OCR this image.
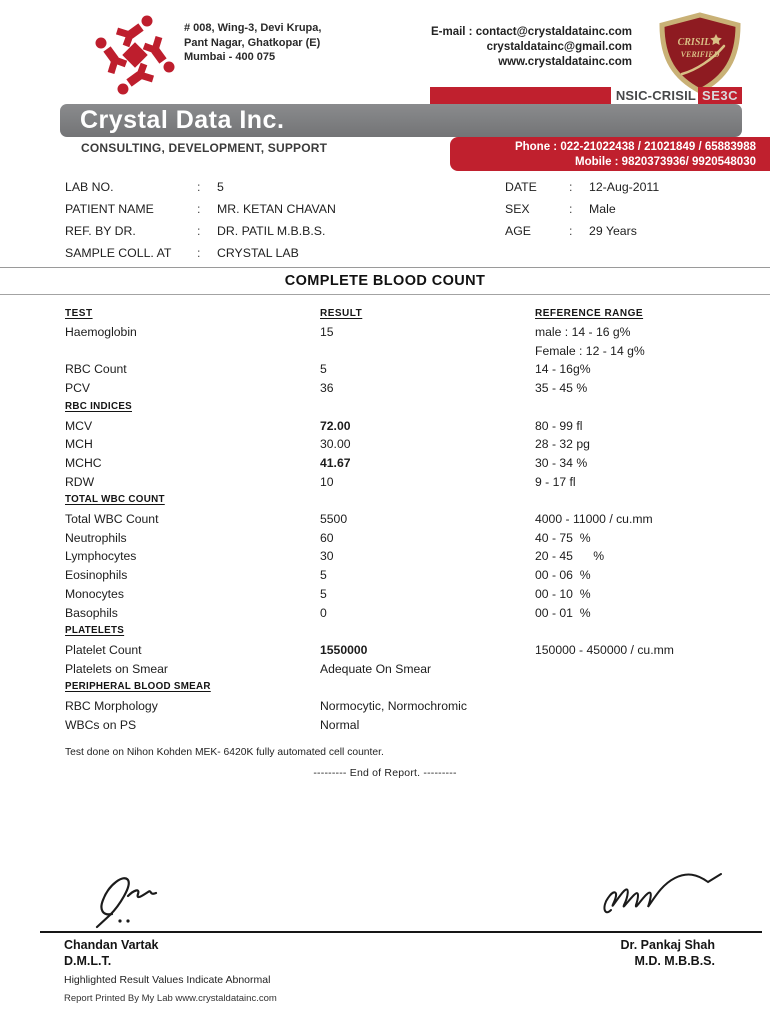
# 008, Wing-3, Devi Krupa,
Pant Nagar, Ghatkopar (E)
Mumbai - 400 075
E-mail : contact@crystaldatainc.com
crystaldatainc@gmail.com
www.crystaldatainc.com
CRISIL
VERIFIED
NSIC-CRISIL SE3C
Crystal Data Inc.
CONSULTING, DEVELOPMENT, SUPPORT	Phone : 022-21022438 / 21021849 / 65883988
Mobile : 9820373936/ 9920548030
LAB NO.	:	5
PATIENT NAME	:	MR. KETAN CHAVAN
REF. BY DR.	:	DR. PATIL M.B.B.S.
SAMPLE COLL. AT	:	CRYSTAL LAB
DATE	:	12-Aug-2011
SEX	:	Male
AGE	:	29 Years
COMPLETE BLOOD COUNT
TEST	RESULT	REFERENCE RANGE
Haemoglobin	15	male : 14 - 16 g%
Female : 12 - 14 g%
RBC Count	5	14 - 16g%
PCV	36	35 - 45 %
RBC INDICES
MCV	72.00	80 - 99 fl
MCH	30.00	28 - 32 pg
MCHC	41.67	30 - 34 %
RDW	10	9 - 17 fl
TOTAL WBC COUNT
Total WBC Count	5500	4000 - 11000 / cu.mm
Neutrophils	60	40 - 75  %
Lymphocytes	30	20 - 45      %
Eosinophils	5	00 - 06  %
Monocytes	5	00 - 10  %
Basophils	0	00 - 01  %
PLATELETS
Platelet Count	1550000	150000 - 450000 / cu.mm
Platelets on Smear	Adequate On Smear
PERIPHERAL BLOOD SMEAR
RBC Morphology	Normocytic, Normochromic
WBCs on PS	Normal
Test done on Nihon Kohden MEK- 6420K fully automated cell counter.
--------- End of Report. ---------
Chandan Vartak
D.M.L.T.
Highlighted Result Values Indicate Abnormal
Report Printed By My Lab www.crystaldatainc.com
Dr. Pankaj Shah
M.D. M.B.B.S.
